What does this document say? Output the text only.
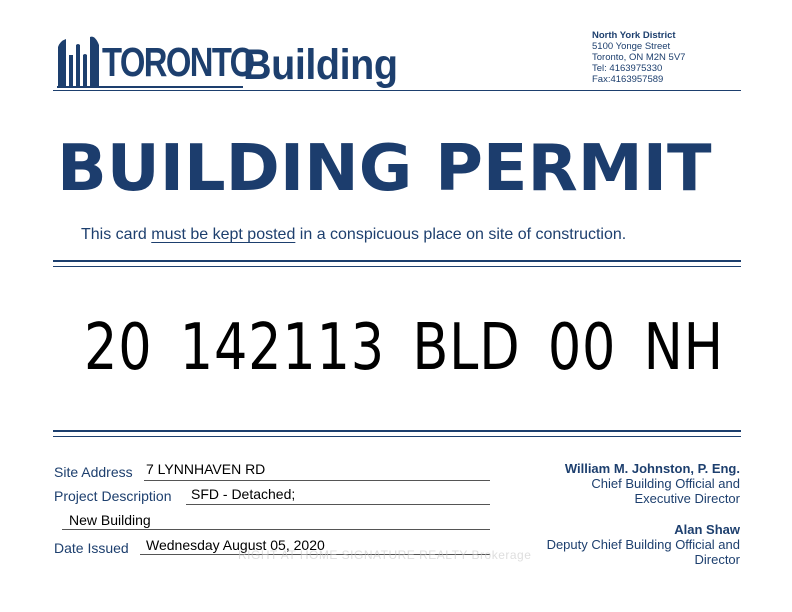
TORONTO
Building
North York District
5100 Yonge Street
Toronto, ON M2N 5V7
Tel: 4163975330
Fax:4163957589
BUILDING PERMIT
This card must be kept posted in a conspicuous place on site of construction.
20 142113 BLD 00 NH
Site Address 7 LYNNHAVEN RD
Project Description SFD - Detached;
New Building
Date Issued Wednesday August 05, 2020
William M. Johnston, P. Eng.
Chief Building Official and
Executive Director
Alan Shaw
Deputy Chief Building Official and
Director
RIGHT AT HOME SIGNATURE REALTY Brokerage
